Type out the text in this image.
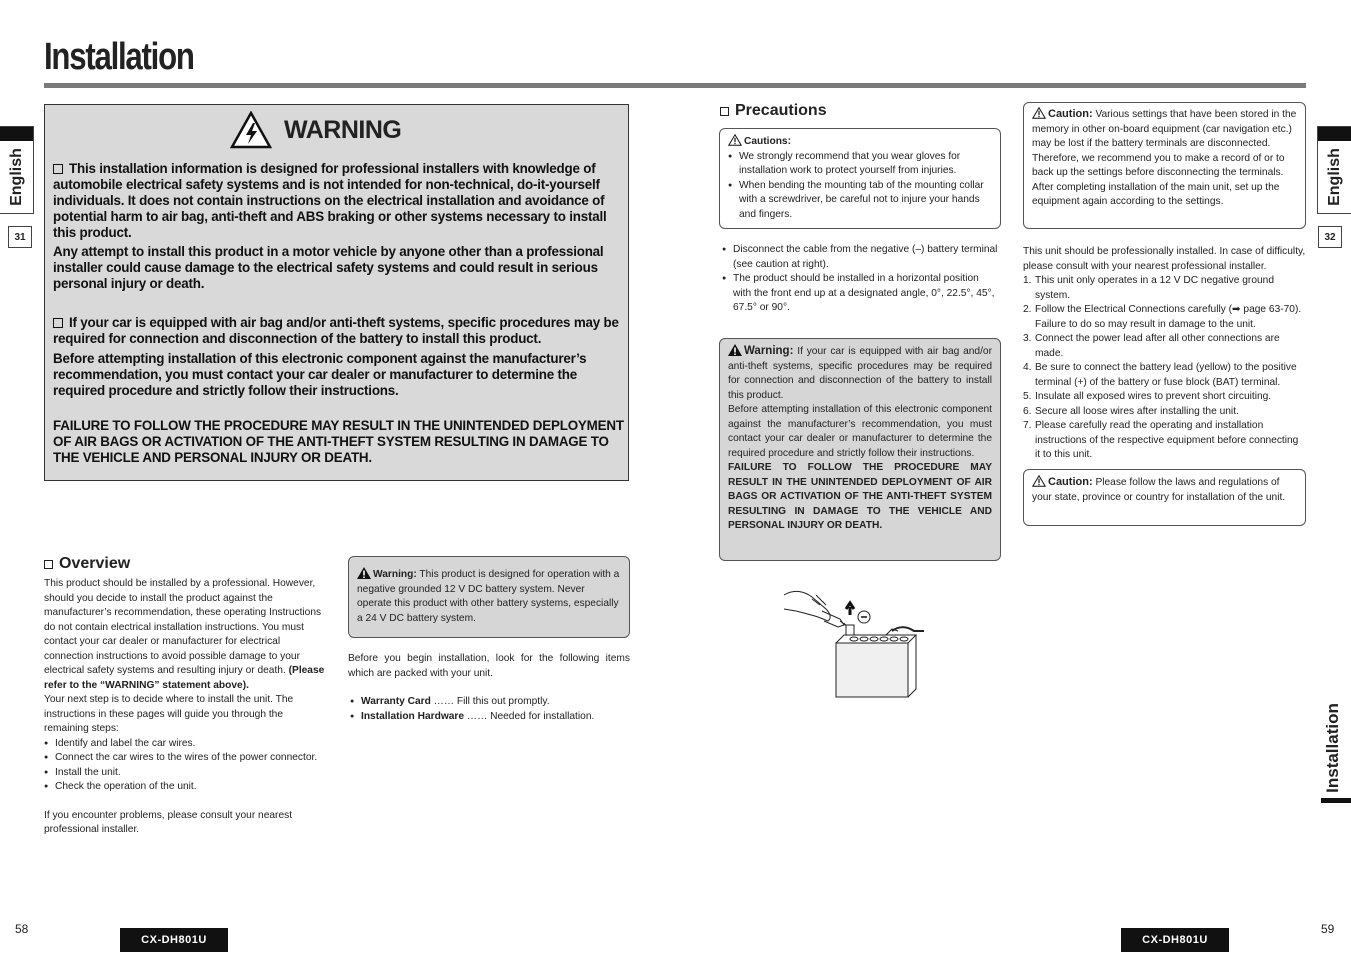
Installation
English
31
English
32
Installation
WARNING
This installation information is designed for professional installers with knowledge of automobile electrical safety systems and is not intended for non-technical, do-it-yourself individuals. It does not contain instructions on the electrical installation and avoidance of potential harm to air bag, anti-theft and ABS braking or other systems necessary to install this product.
Any attempt to install this product in a motor vehicle by anyone other than a professional installer could cause damage to the electrical safety systems and could result in serious personal injury or death.
If your car is equipped with air bag and/or anti-theft systems, specific procedures may be required for connection and disconnection of the battery to install this product.
Before attempting installation of this electronic component against the manufacturer’s recommendation, you must contact your car dealer or manufacturer to determine the required procedure and strictly follow their instructions.
FAILURE TO FOLLOW THE PROCEDURE MAY RESULT IN THE UNINTENDED DEPLOYMENT OF AIR BAGS OR ACTIVATION OF THE ANTI-THEFT SYSTEM RESULTING IN DAMAGE TO THE VEHICLE AND PERSONAL INJURY OR DEATH.
Overview
This product should be installed by a professional. However, should you decide to install the product against the manufacturer’s recommendation, these operating Instructions do not contain electrical installation instructions. You must contact your car dealer or manufacturer for electrical connection instructions to avoid possible damage to your electrical safety systems and resulting injury or death. (Please refer to the “WARNING” statement above).
Your next step is to decide where to install the unit. The instructions in these pages will guide you through the remaining steps:
● Identify and label the car wires.
● Connect the car wires to the wires of the power connector.
● Install the unit.
● Check the operation of the unit.
If you encounter problems, please consult your nearest professional installer.
Warning: This product is designed for operation with a negative grounded 12 V DC battery system. Never operate this product with other battery systems, especially a 24 V DC battery system.
Before you begin installation, look for the following items which are packed with your unit.
● Warranty Card …… Fill this out promptly.
● Installation Hardware …… Needed for installation.
Precautions
Cautions:
● We strongly recommend that you wear gloves for installation work to protect yourself from injuries.
● When bending the mounting tab of the mounting collar with a screwdriver, be careful not to injure your hands and fingers.
● Disconnect the cable from the negative (–) battery terminal (see caution at right).
● The product should be installed in a horizontal position with the front end up at a designated angle, 0°, 22.5°, 45°, 67.5° or 90°.
Warning: If your car is equipped with air bag and/or anti-theft systems, specific procedures may be required for connection and disconnection of the battery to install this product.
Before attempting installation of this electronic component against the manufacturer’s recommendation, you must contact your car dealer or manufacturer to determine the required procedure and strictly follow their instructions.
FAILURE TO FOLLOW THE PROCEDURE MAY RESULT IN THE UNINTENDED DEPLOYMENT OF AIR BAGS OR ACTIVATION OF THE ANTI-THEFT SYSTEM RESULTING IN DAMAGE TO THE VEHICLE AND PERSONAL INJURY OR DEATH.
Caution: Various settings that have been stored in the memory in other on-board equipment (car navigation etc.) may be lost if the battery terminals are disconnected.
Therefore, we recommend you to make a record of or to back up the settings before disconnecting the terminals. After completing installation of the main unit, set up the equipment again according to the settings.
This unit should be professionally installed. In case of difficulty, please consult with your nearest professional installer.
1. This unit only operates in a 12 V DC negative ground system.
2. Follow the Electrical Connections carefully (➡ page 63-70). Failure to do so may result in damage to the unit.
3. Connect the power lead after all other connections are made.
4. Be sure to connect the battery lead (yellow) to the positive terminal (+) of the battery or fuse block (BAT) terminal.
5. Insulate all exposed wires to prevent short circuiting.
6. Secure all loose wires after installing the unit.
7. Please carefully read the operating and installation instructions of the respective equipment before connecting it to this unit.
Caution: Please follow the laws and regulations of your state, province or country for installation of the unit.
58
CX-DH801U	CX-DH801U
59
